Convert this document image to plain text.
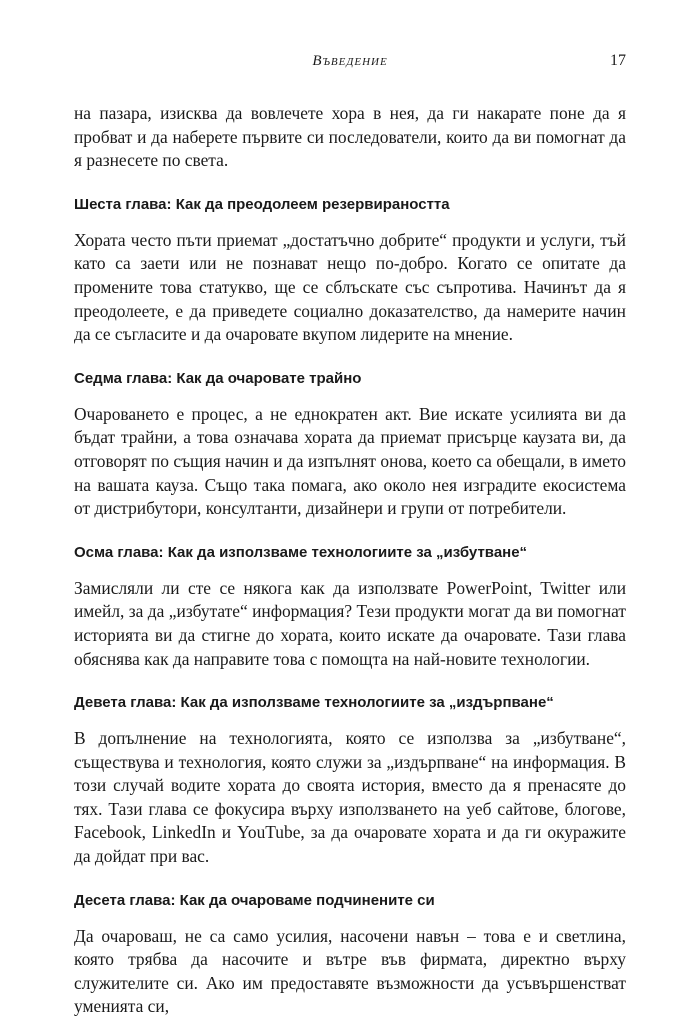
Въведение	17

на пазара, изисква да вовлечете хора в нея, да ги накарате поне да я пробват и да наберете първите си последователи, които да ви помогнат да я разнесете по света.

Шеста глава: Как да преодолеем резервираността

Хората често пъти приемат „достатъчно добрите“ продукти и услуги, тъй като са заети или не познават нещо по-добро. Когато се опитате да промените това статукво, ще се сблъскате със съпротива. Начинът да я преодолеете, е да приведете социално доказателство, да намерите начин да се съгласите и да очаровате вкупом лидерите на мнение.

Седма глава: Как да очаровате трайно

Очароването е процес, а не еднократен акт. Вие искате усилията ви да бъдат трайни, а това означава хората да приемат присърце каузата ви, да отговорят по същия начин и да изпълнят онова, което са обещали, в името на вашата кауза. Също така помага, ако около нея изградите екосистема от дистрибутори, консултанти, дизайнери и групи от потребители.

Осма глава: Как да използваме технологиите за „избутване“

Замисляли ли сте се някога как да използвате PowerPoint, Twitter или имейл, за да „избутате“ информация? Тези продукти могат да ви помогнат историята ви да стигне до хората, които искате да очаровате. Тази глава обяснява как да направите това с помощта на най-новите технологии.

Девета глава: Как да използваме технологиите за „издърпване“

В допълнение на технологията, която се използва за „избутване“, съществува и технология, която служи за „издърпване“ на информация. В този случай водите хората до своята история, вместо да я пренасяте до тях. Тази глава се фокусира върху използването на уеб сайтове, блогове, Facebook, LinkedIn и YouTube, за да очаровате хората и да ги окуражите да дойдат при вас.

Десета глава: Как да очароваме подчинените си

Да очароваш, не са само усилия, насочени навън – това е и светлина, която трябва да насочите и вътре във фирмата, директно върху служителите си. Ако им предоставяте възможности да усъвършенстват уменията си,
